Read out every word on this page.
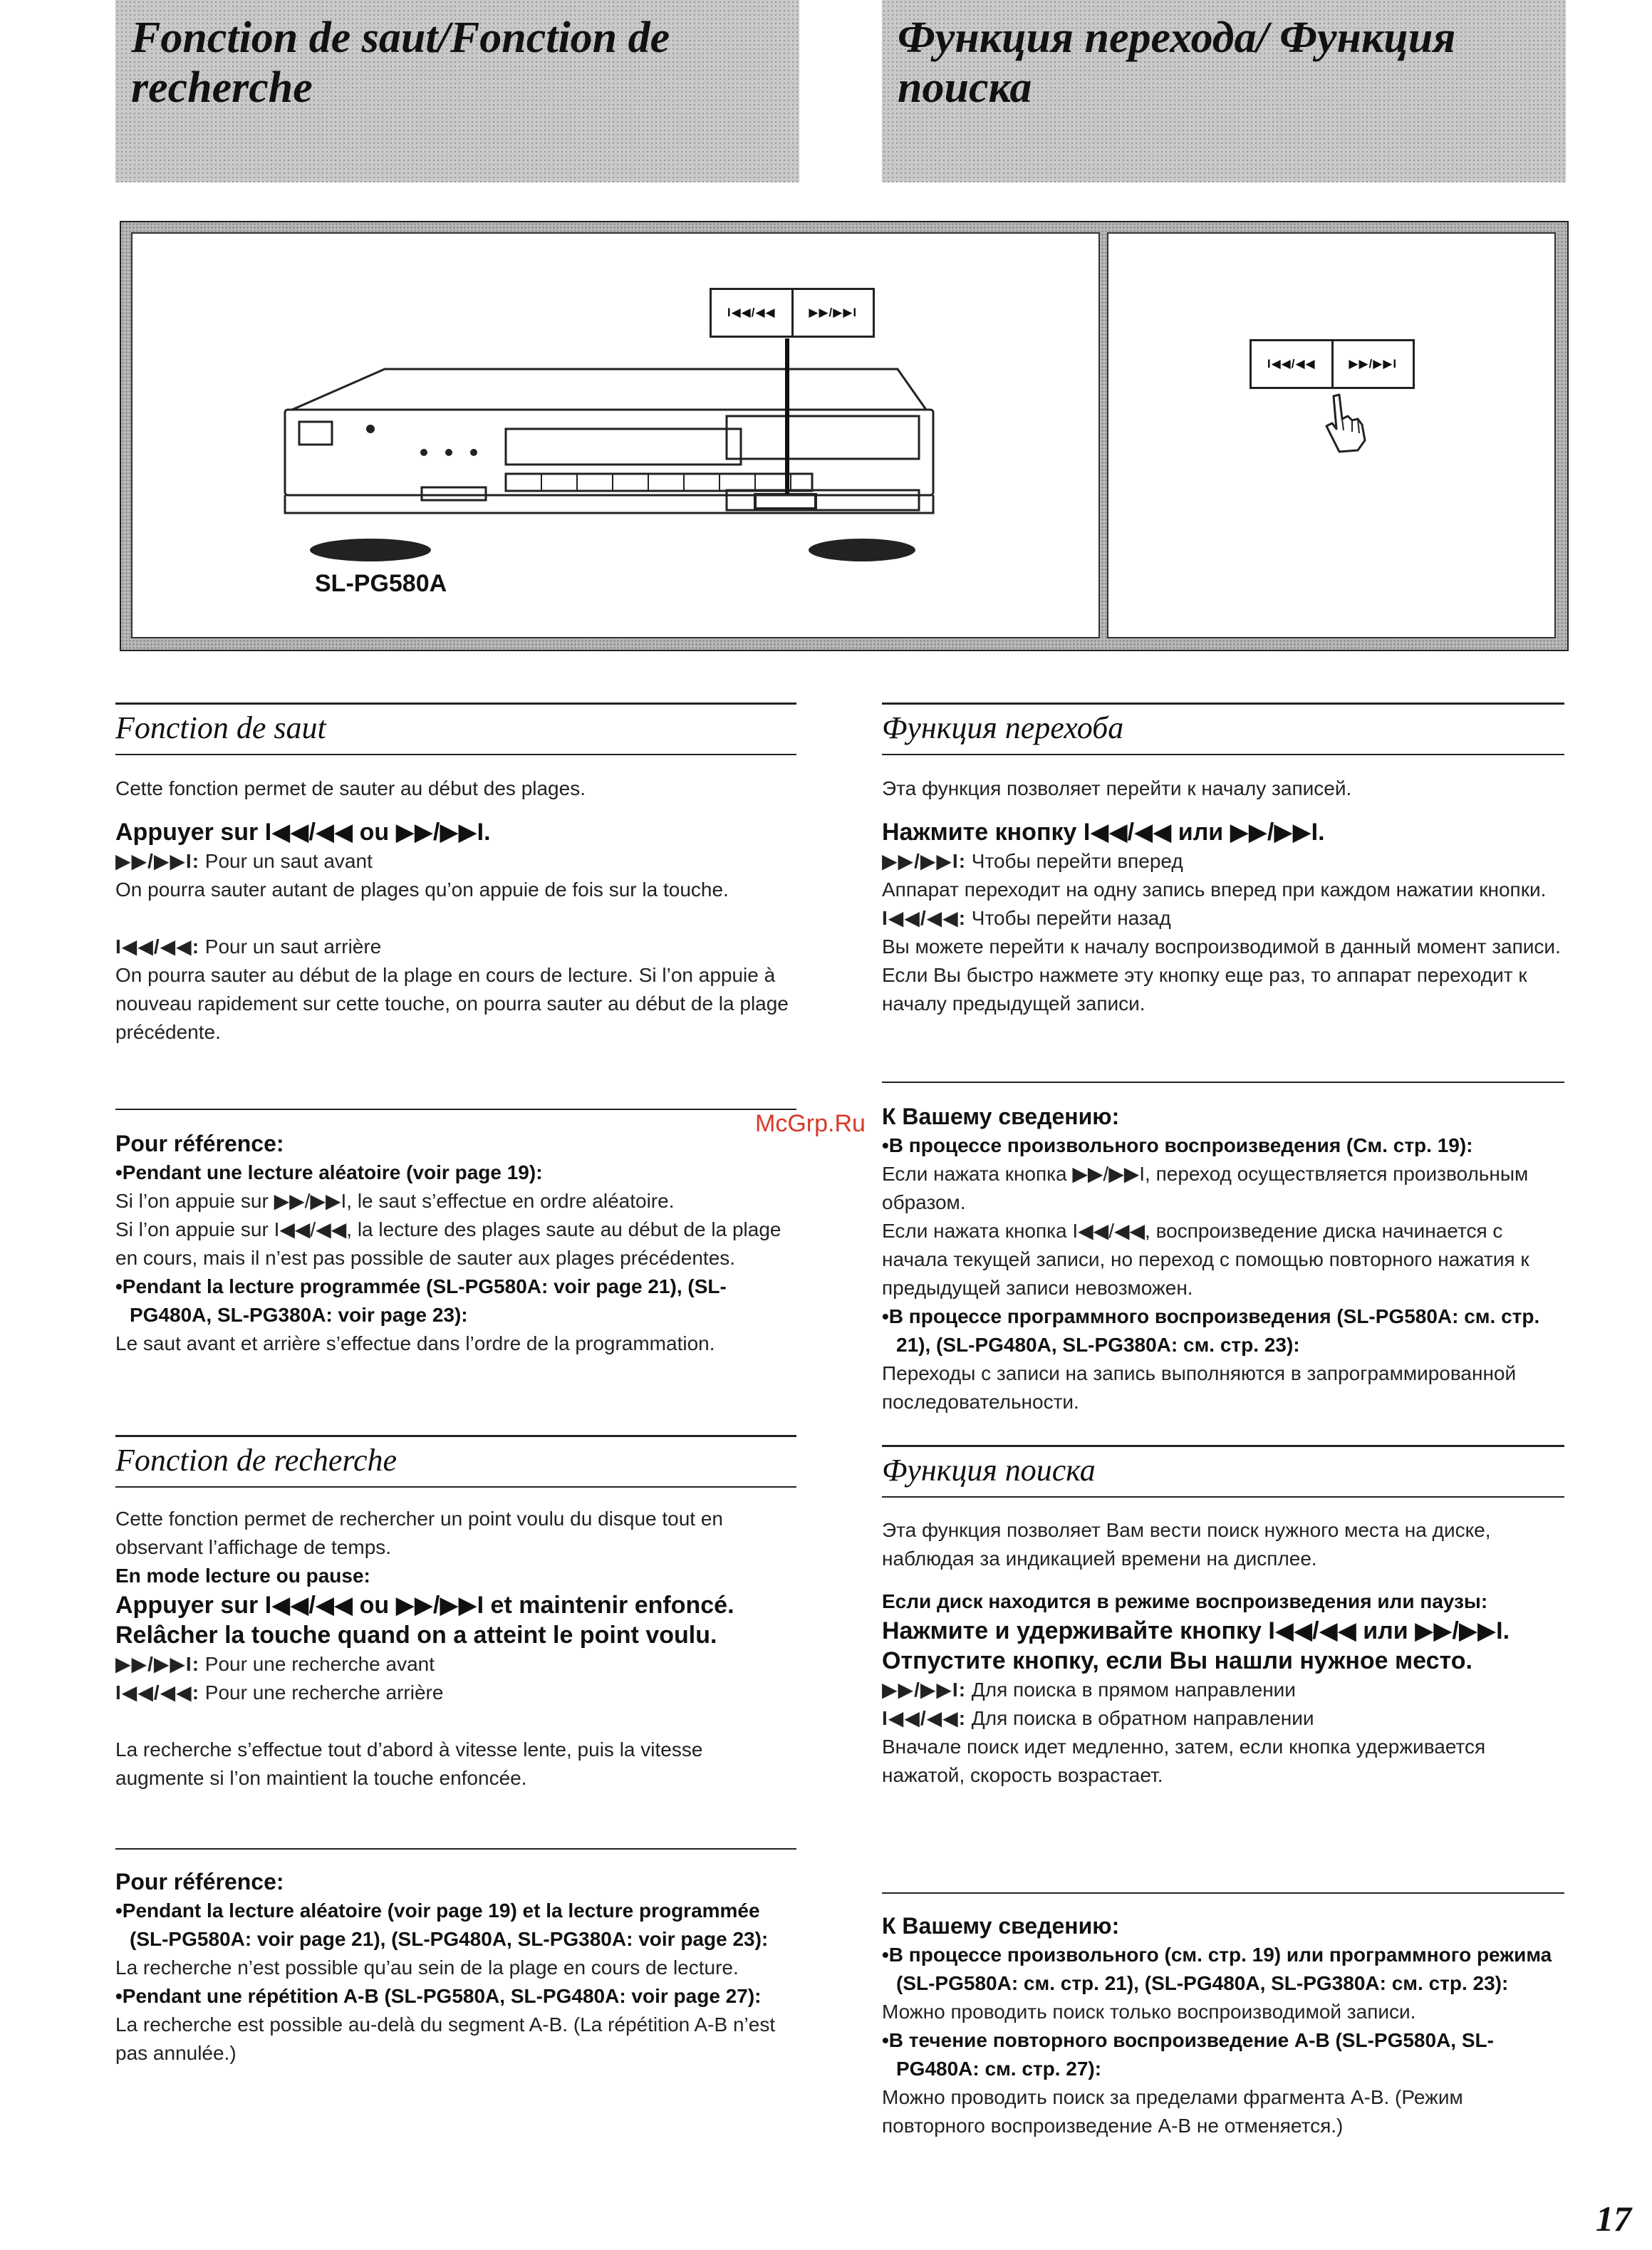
Fonction de saut/Fonction de recherche
Функция перехода/ Функция поиска
I◀◀/◀◀	▶▶/▶▶I
SL-PG580A
I◀◀/◀◀	▶▶/▶▶I
Fonction de saut

Cette fonction permet de sauter au début des plages.

Appuyer sur I◀◀/◀◀ ou ▶▶/▶▶I.

▶▶/▶▶I: Pour un saut avant

On pourra sauter autant de plages qu’on appuie de fois sur la touche.

I◀◀/◀◀: Pour un saut arrière

On pourra sauter au début de la plage en cours de lecture. Si l’on appuie à nouveau rapidement sur cette touche, on pourra sauter au début de la plage précédente.

Pour référence:

•Pendant une lecture aléatoire (voir page 19):

Si l’on appuie sur ▶▶/▶▶I, le saut s’effectue en ordre aléatoire.

Si l’on appuie sur I◀◀/◀◀, la lecture des plages saute au début de la plage en cours, mais il n’est pas possible de sauter aux plages précédentes.

•Pendant la lecture programmée (SL-PG580A: voir page 21), (SL-PG480A, SL-PG380A: voir page 23):

Le saut avant et arrière s’effectue dans l’ordre de la programmation.

Fonction de recherche

Cette fonction permet de rechercher un point voulu du disque tout en observant l’affichage de temps.

En mode lecture ou pause:

Appuyer sur I◀◀/◀◀ ou ▶▶/▶▶I et maintenir enfoncé.

Relâcher la touche quand on a atteint le point voulu.

▶▶/▶▶I: Pour une recherche avant

I◀◀/◀◀: Pour une recherche arrière

La recherche s’effectue tout d’abord à vitesse lente, puis la vitesse augmente si l’on maintient la touche enfoncée.

Pour référence:

•Pendant la lecture aléatoire (voir page 19) et la lecture programmée (SL-PG580A: voir page 21), (SL-PG480A, SL-PG380A: voir page 23):

La recherche n’est possible qu’au sein de la plage en cours de lecture.

•Pendant une répétition A-B (SL-PG580A, SL-PG480A: voir page 27):

La recherche est possible au-delà du segment A-B. (La répétition A-B n’est pas annulée.)

Функция перехоба

Эта функция позволяет перейти к началу записей.

Нажмите кнопку I◀◀/◀◀ или ▶▶/▶▶I.

▶▶/▶▶I: Чтобы перейти вперед

Аппарат переходит на одну запись вперед при каждом нажатии кнопки.

I◀◀/◀◀: Чтобы перейти назад

Вы можете перейти к началу воспроизводимой в данный момент записи. Если Вы быстро нажмете эту кнопку еще раз, то аппарат переходит к началу предыдущей записи.

К Вашему сведению:

•В процессе произвольного воспроизведения (См. стр. 19):

Если нажата кнопка ▶▶/▶▶I, переход осуществляется произвольным образом.

Если нажата кнопка I◀◀/◀◀, воспроизведение диска начинается с начала текущей записи, но переход с помощью повторного нажатия к предыдущей записи невозможен.

•В процессе программного воспроизведения (SL-PG580A: см. стр. 21), (SL-PG480A, SL-PG380A: см. стр. 23):

Переходы с записи на запись выполняются в запрограммированной последовательности.

Функция поиска

Эта функция позволяет Вам вести поиск нужного места на диске, наблюдая за индикацией времени на дисплее.

Если диск находится в режиме воспроизведения или паузы:

Нажмите и удерживайте кнопку I◀◀/◀◀ или ▶▶/▶▶I.

Отпустите кнопку, если Вы нашли нужное место.

▶▶/▶▶I: Для поиска в прямом направлении

I◀◀/◀◀: Для поиска в обратном направлении

Вначале поиск идет медленно, затем, если кнопка удерживается нажатой, скорость возрастает.

К Вашему сведению:

•В процессе произвольного (см. стр. 19) или программного режима (SL-PG580A: см. стр. 21), (SL-PG480A, SL-PG380A: см. стр. 23):

Можно проводить поиск только воспроизводимой записи.

•В течение повторного воспроизведение A-B (SL-PG580A, SL-PG480A: см. стр. 27):

Можно проводить поиск за пределами фрагмента A-B. (Режим повторного воспроизведение A-B не отменяется.)

McGrp.Ru
17
